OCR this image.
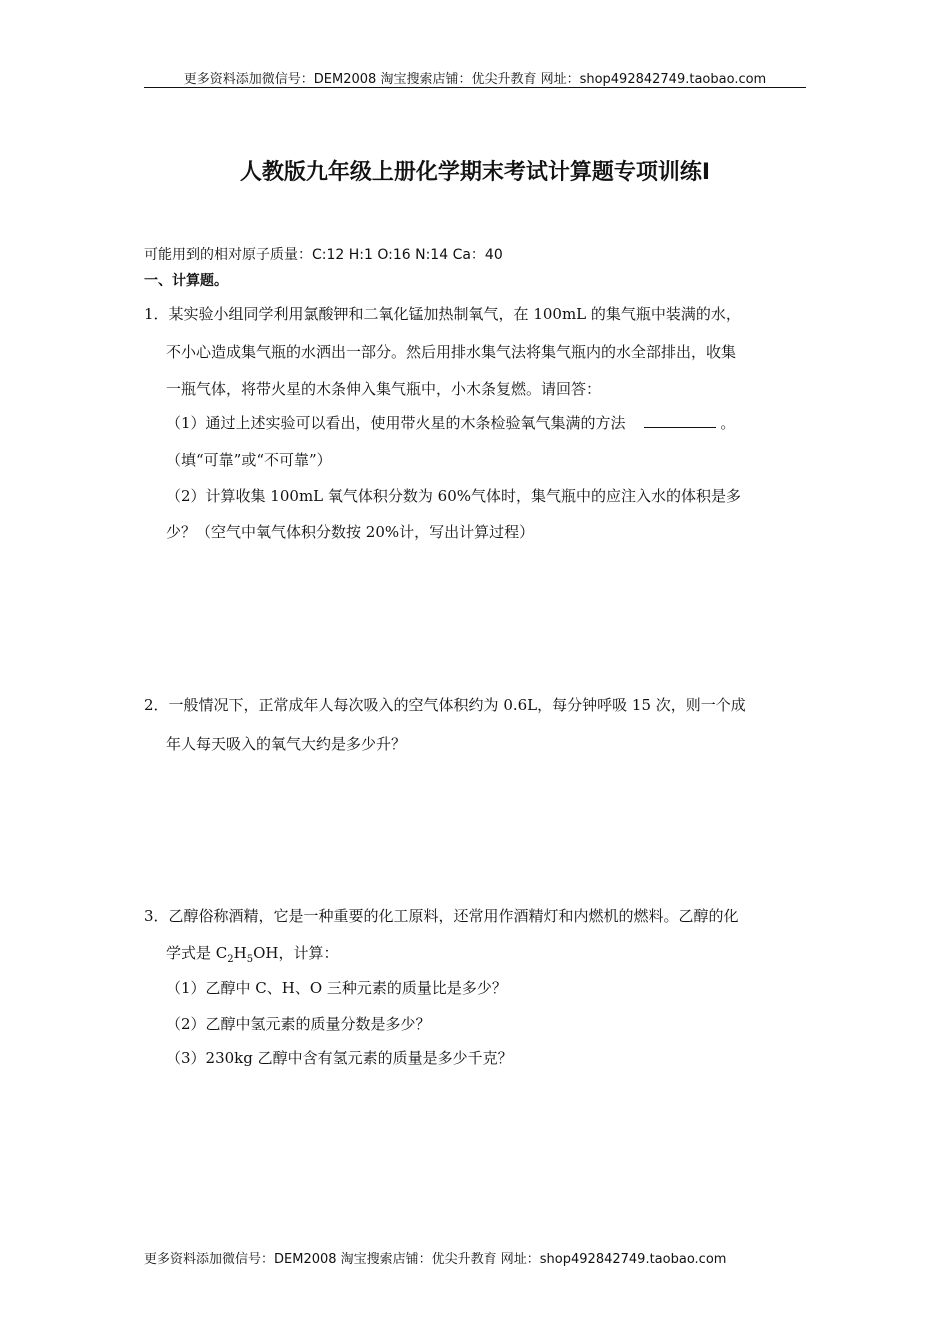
更多资料添加微信号：DEM2008 淘宝搜索店铺：优尖升教育 网址：shop492842749.taobao.com
人教版九年级上册化学期末考试计算题专项训练Ⅰ
可能用到的相对原子质量：C:12 H:1 O:16 N:14 Ca：40
一、计算题。
1．某实验小组同学利用氯酸钾和二氧化锰加热制氧气，在 100mL 的集气瓶中装满的水，
不小心造成集气瓶的水洒出一部分。然后用排水集气法将集气瓶内的水全部排出，收集
一瓶气体，将带火星的木条伸入集气瓶中，小木条复燃。请回答：
（1）通过上述实验可以看出，使用带火星的木条检验氧气集满的方法	。
（填“可靠”或“不可靠”）
（2）计算收集 100mL 氧气体积分数为 60%气体时，集气瓶中的应注入水的体积是多
少？（空气中氧气体积分数按 20%计，写出计算过程）
2．一般情况下，正常成年人每次吸入的空气体积约为 0.6L，每分钟呼吸 15 次，则一个成
年人每天吸入的氧气大约是多少升？
3．乙醇俗称酒精，它是一种重要的化工原料，还常用作酒精灯和内燃机的燃料。乙醇的化
学式是 $C_2H_5OH$，计算：
（1）乙醇中 C、H、O 三种元素的质量比是多少？
（2）乙醇中氢元素的质量分数是多少？
（3）230kg 乙醇中含有氢元素的质量是多少千克？
更多资料添加微信号：DEM2008 淘宝搜索店铺：优尖升教育 网址：shop492842749.taobao.com
